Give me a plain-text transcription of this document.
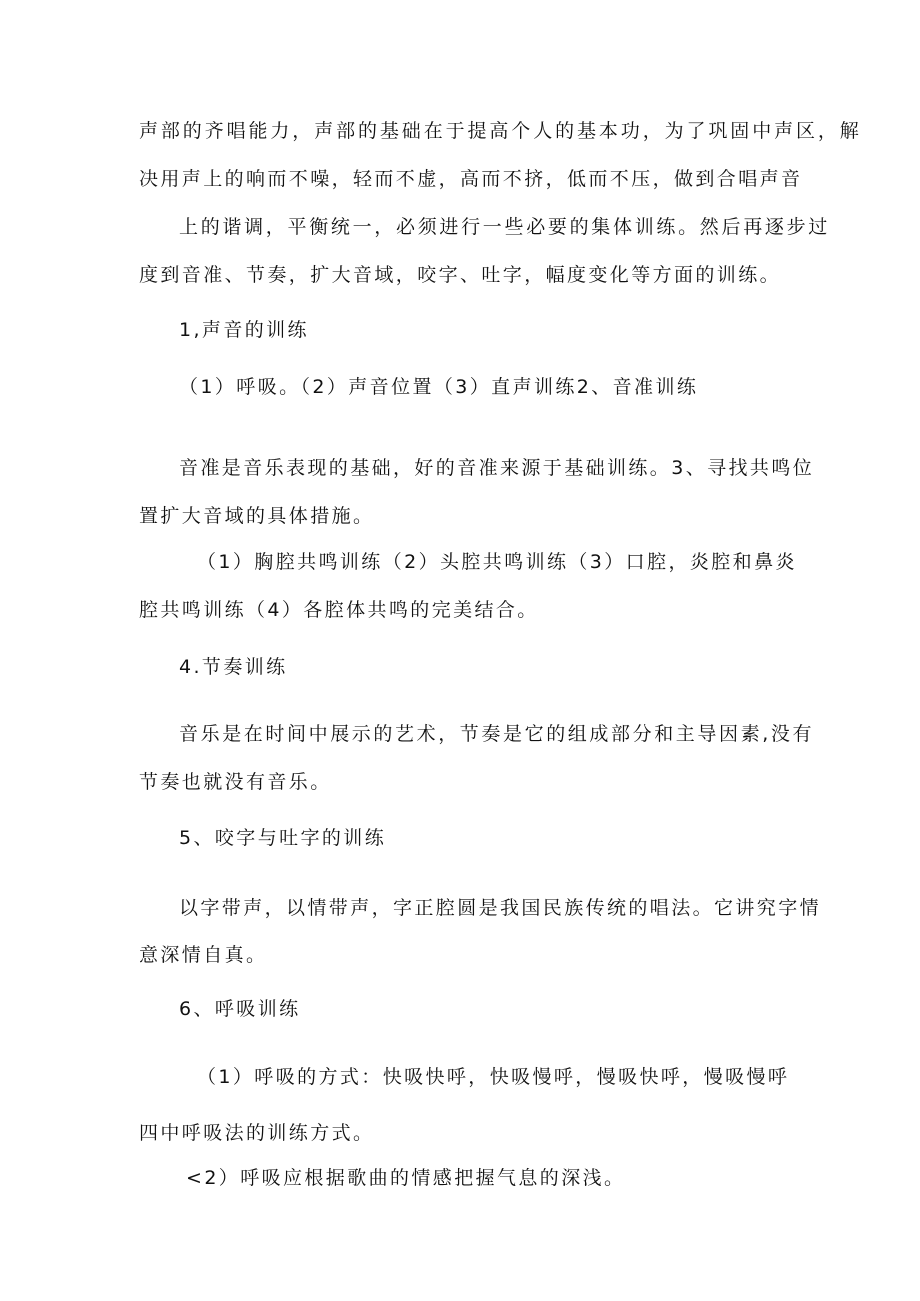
声部的齐唱能力，声部的基础在于提高个人的基本功，为了巩固中声区，解
决用声上的响而不噪，轻而不虚，高而不挤，低而不压，做到合唱声音
上的谐调，平衡统一，必须进行一些必要的集体训练。然后再逐步过
度到音准、节奏，扩大音域，咬字、吐字，幅度变化等方面的训练。
1,声音的训练
（1）呼吸。（2）声音位置（3）直声训练2、音准训练
音准是音乐表现的基础，好的音准来源于基础训练。3、寻找共鸣位
置扩大音域的具体措施。
（1）胸腔共鸣训练（2）头腔共鸣训练（3）口腔，炎腔和鼻炎
腔共鸣训练（4）各腔体共鸣的完美结合。
4.节奏训练
音乐是在时间中展示的艺术，节奏是它的组成部分和主导因素,没有
节奏也就没有音乐。
5、咬字与吐字的训练
以字带声，以情带声，字正腔圆是我国民族传统的唱法。它讲究字情
意深情自真。
6、呼吸训练
（1）呼吸的方式：快吸快呼，快吸慢呼，慢吸快呼，慢吸慢呼
四中呼吸法的训练方式。
<2）呼吸应根据歌曲的情感把握气息的深浅。
